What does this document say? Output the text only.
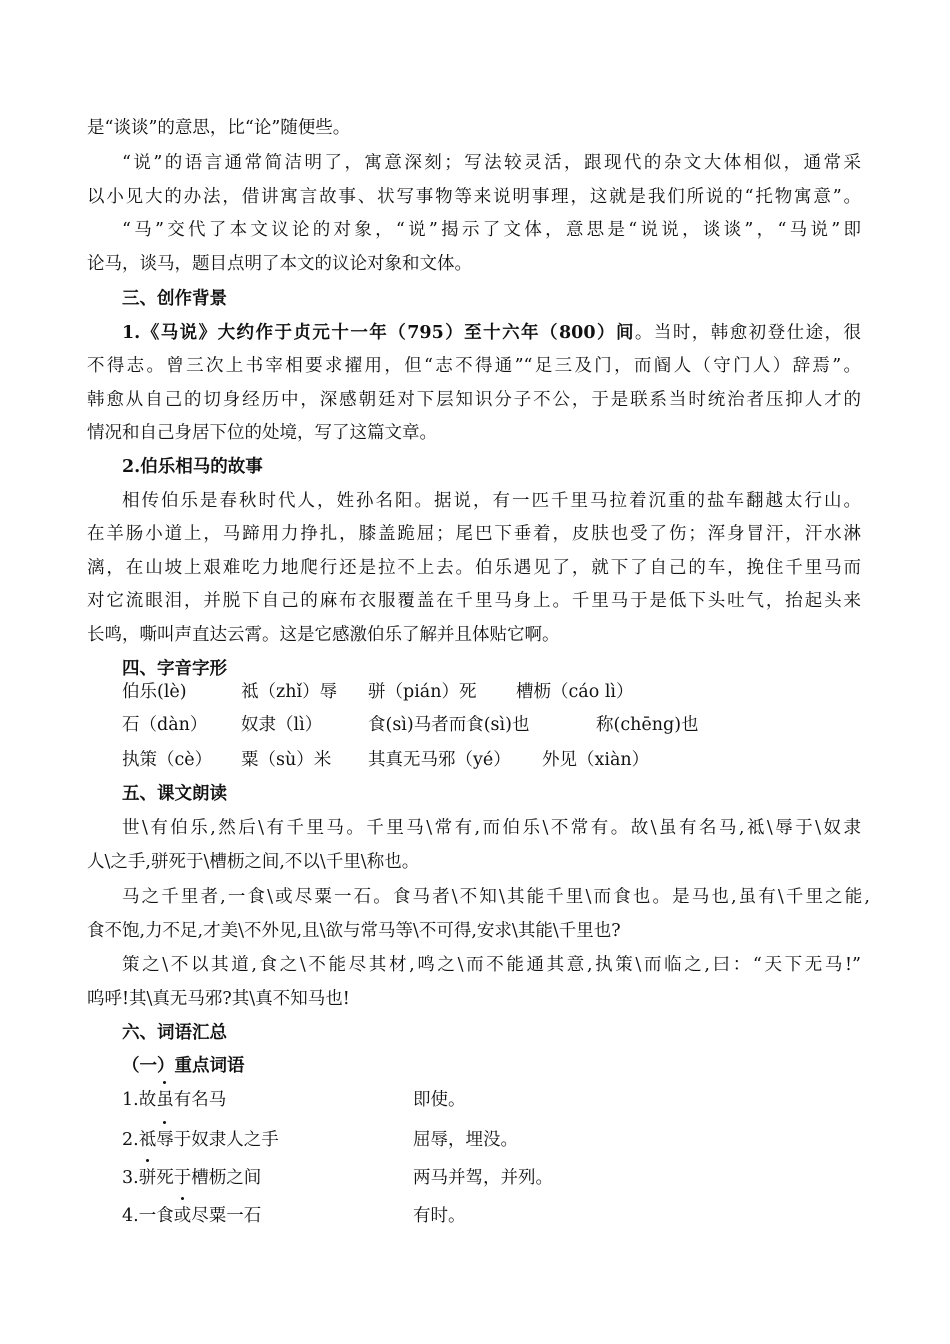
是“谈谈”的意思，比“论”随便些。
“说”的语言通常简洁明了，寓意深刻；写法较灵活，跟现代的杂文大体相似，通常采
以小见大的办法，借讲寓言故事、状写事物等来说明事理，这就是我们所说的“托物寓意”。
“马”交代了本文议论的对象，“说”揭示了文体，意思是“说说，谈谈”，“马说”即
论马，谈马，题目点明了本文的议论对象和文体。
三、创作背景
1.《马说》大约作于贞元十一年（795）至十六年（800）间。当时，韩愈初登仕途，很
不得志。曾三次上书宰相要求擢用，但“志不得通”“足三及门，而阍人（守门人）辞焉”。
韩愈从自己的切身经历中，深感朝廷对下层知识分子不公，于是联系当时统治者压抑人才的
情况和自己身居下位的处境，写了这篇文章。
2.伯乐相马的故事
相传伯乐是春秋时代人，姓孙名阳。据说，有一匹千里马拉着沉重的盐车翻越太行山。
在羊肠小道上，马蹄用力挣扎，膝盖跪屈；尾巴下垂着，皮肤也受了伤；浑身冒汗，汗水淋
漓，在山坡上艰难吃力地爬行还是拉不上去。伯乐遇见了，就下了自己的车，挽住千里马而
对它流眼泪，并脱下自己的麻布衣服覆盖在千里马身上。千里马于是低下头吐气，抬起头来
长鸣，嘶叫声直达云霄。这是它感激伯乐了解并且体贴它啊。
四、字音字形
伯乐(lè)	祗（zhǐ）辱 骈（pián）死 槽枥（cáo lì）
石（dàn） 奴隶（lì）	食(sì)马者而食(sì)也	称(chēng)也
执策（cè） 粟（sù）米 其真无马邪（yé） 外见（xiàn）
五、课文朗读
世\有伯乐,然后\有千里马。千里马\常有,而伯乐\不常有。故\虽有名马,祗\辱于\奴隶
人\之手,骈死于\槽枥之间,不以\千里\称也。
马之千里者,一食\或尽粟一石。食马者\不知\其能千里\而食也。是马也,虽有\千里之能,
食不饱,力不足,才美\不外见,且\欲与常马等\不可得,安求\其能\千里也?
策之\不以其道,食之\不能尽其材,鸣之\而不能通其意,执策\而临之,曰：“天下无马!”
呜呼!其\真无马邪?其\真不知马也!
六、词语汇总
（一）重点词语
1.故虽有名马	即使。
2.祗辱于奴隶人之手	屈辱，埋没。
3.骈死于槽枥之间	两马并驾，并列。
4.一食或尽粟一石	有时。
